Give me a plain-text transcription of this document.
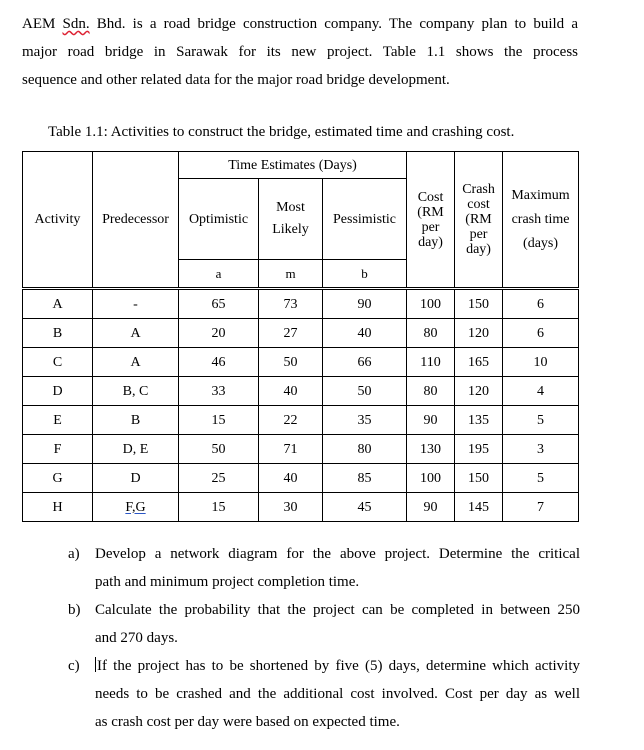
AEM Sdn. Bhd. is a road bridge construction company. The company plan to build a
major road bridge in Sarawak for its new project. Table 1.1 shows the process
sequence and other related data for the major road bridge development.
Table 1.1: Activities to construct the bridge, estimated time and crashing cost.
Activity	Predecessor	Time Estimates (Days)			Cost (RM per day)	Crash cost (RM per day)	Maximum crash time (days)

		Optimistic	Most Likely	Pessimistic			
		a	m	b			
A	-	65	73	90	100	150	6
B	A	20	27	40	80	120	6
C	A	46	50	66	110	165	10
D	B, C	33	40	50	80	120	4
E	B	15	22	35	90	135	5
F	D, E	50	71	80	130	195	3
G	D	25	40	85	100	150	5
H	F,G	15	30	45	90	145	7
a) Develop a network diagram for the above project. Determine the critical
path and minimum project completion time.
b) Calculate the probability that the project can be completed in between 250
and 270 days.
c) If the project has to be shortened by five (5) days, determine which activity
needs to be crashed and the additional cost involved. Cost per day as well
as crash cost per day were based on expected time.
